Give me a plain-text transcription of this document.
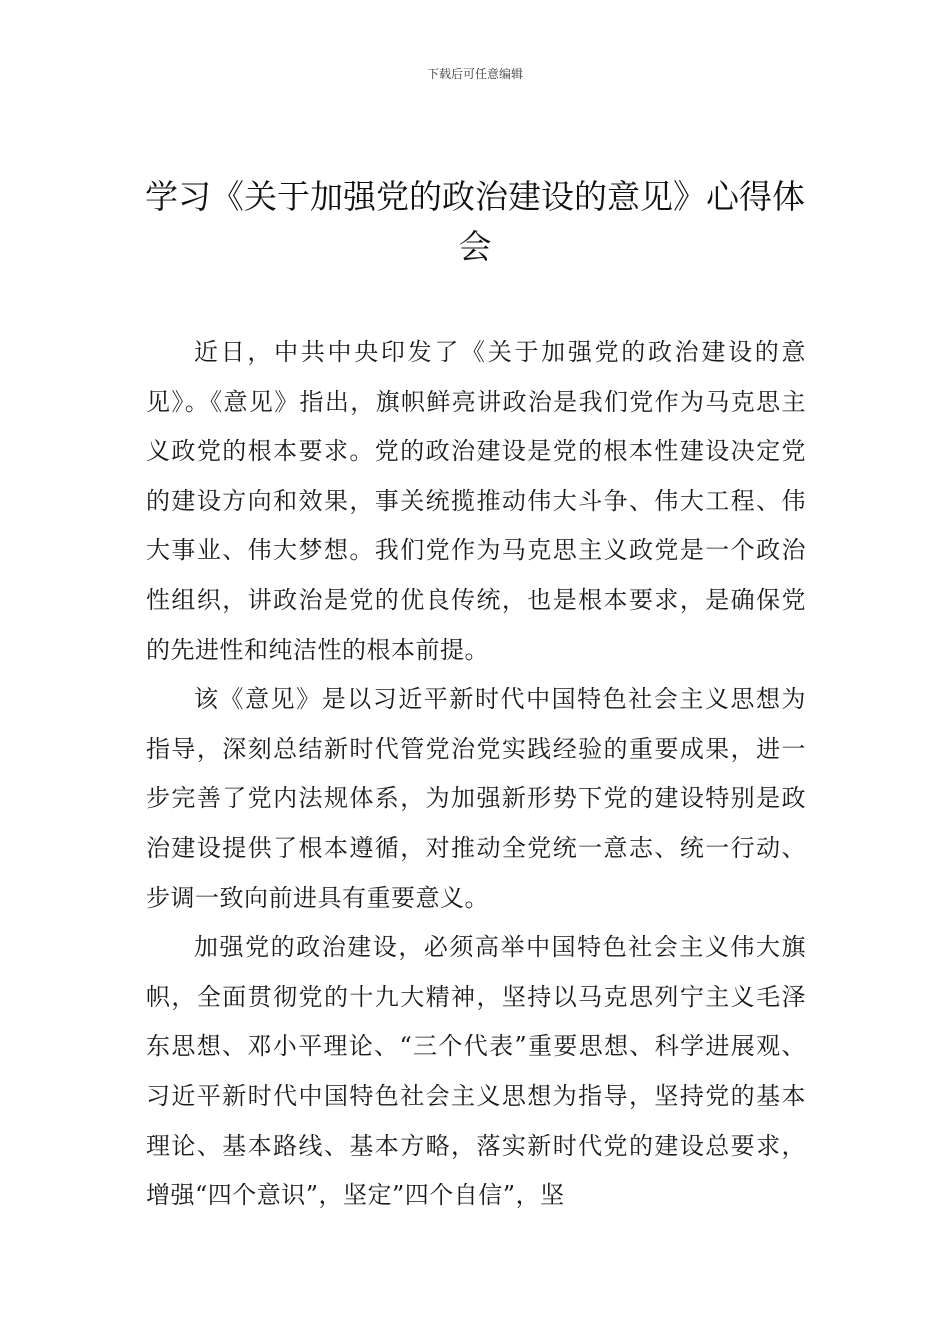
下载后可任意编辑
学习《关于加强党的政治建设的意见》心得体会

近日，中共中央印发了《关于加强党的政治建设的意见》。《意见》指出，旗帜鲜亮讲政治是我们党作为马克思主义政党的根本要求。党的政治建设是党的根本性建设决定党的建设方向和效果，事关统揽推动伟大斗争、伟大工程、伟大事业、伟大梦想。我们党作为马克思主义政党是一个政治性组织，讲政治是党的优良传统，也是根本要求，是确保党的先进性和纯洁性的根本前提。

该《意见》是以习近平新时代中国特色社会主义思想为指导，深刻总结新时代管党治党实践经验的重要成果，进一步完善了党内法规体系，为加强新形势下党的建设特别是政治建设提供了根本遵循，对推动全党统一意志、统一行动、步调一致向前进具有重要意义。

加强党的政治建设，必须高举中国特色社会主义伟大旗帜，全面贯彻党的十九大精神，坚持以马克思列宁主义毛泽东思想、邓小平理论、“三个代表”重要思想、科学进展观、习近平新时代中国特色社会主义思想为指导，坚持党的基本理论、基本路线、基本方略，落实新时代党的建设总要求，增强“四个意识”，坚定”四个自信”，坚
